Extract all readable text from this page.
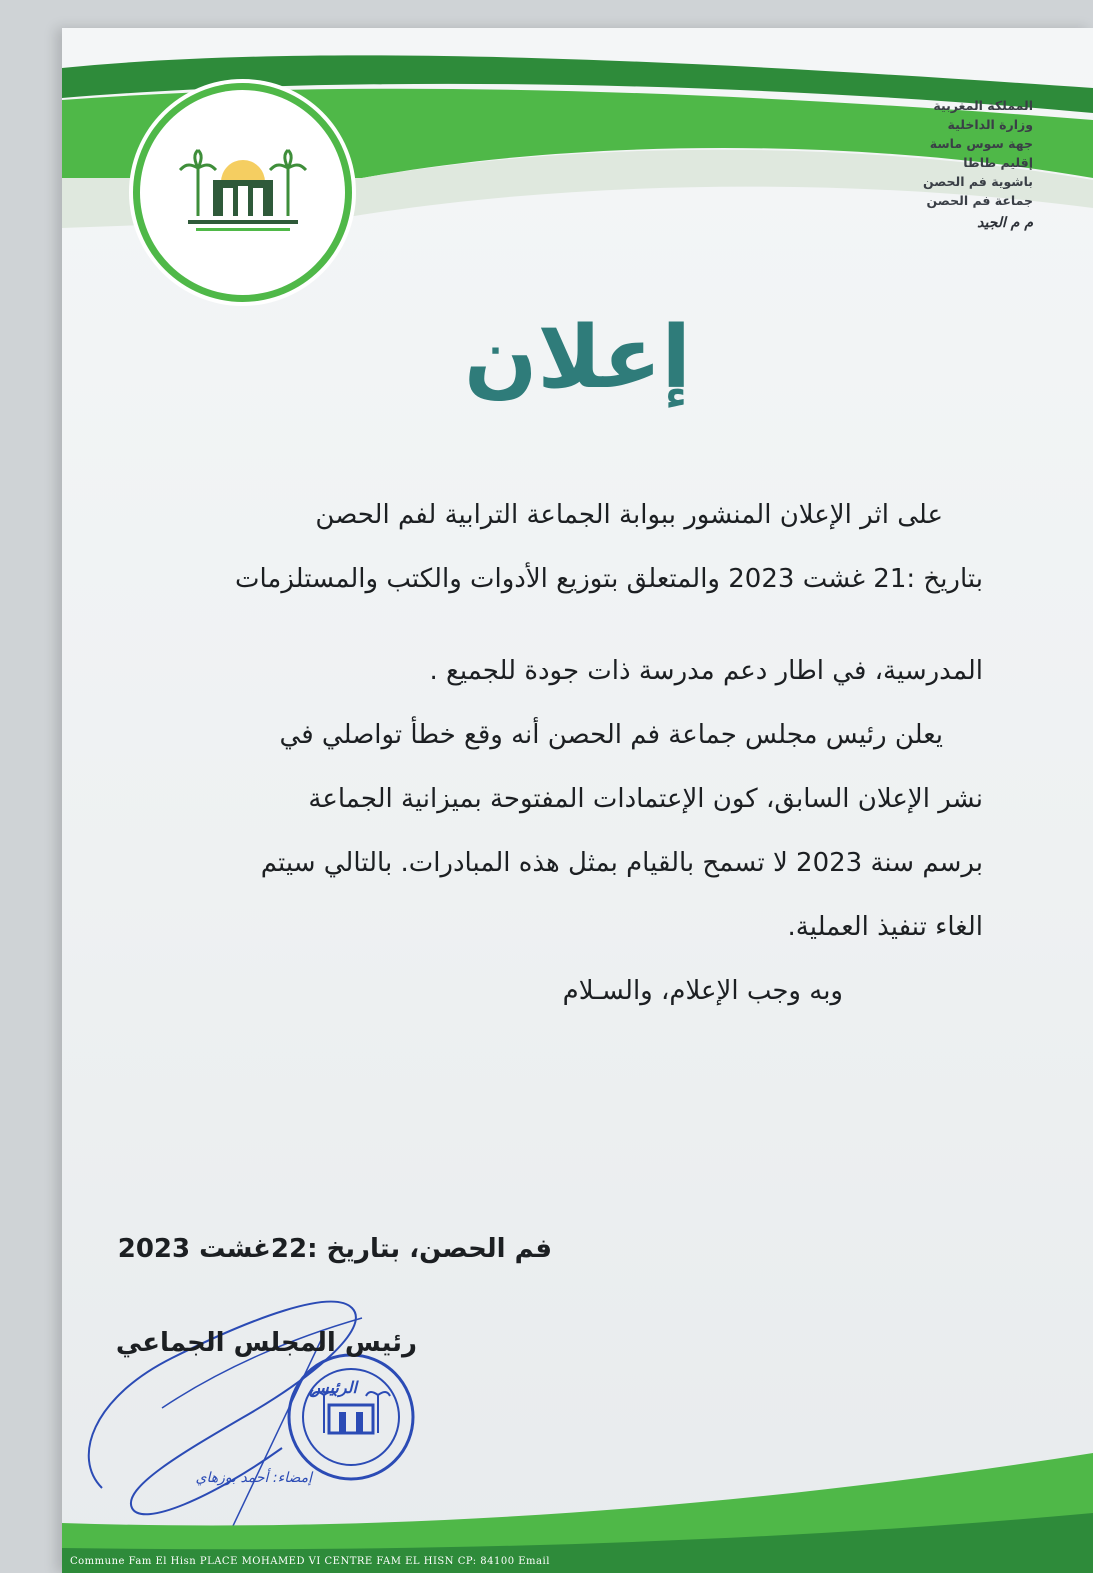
المملكة المغربية
وزارة الداخلية
جهة سوس ماسة
إقليم طاطا
باشوية فم الحصن
جماعة فم الحصن
م م الجيد
إعلان
على اثر الإعلان المنشور ببوابة الجماعة الترابية لفم الحصن
بتاريخ :21 غشت 2023 والمتعلق بتوزيع الأدوات والكتب والمستلزمات
المدرسية، في اطار دعم مدرسة ذات جودة للجميع .
يعلن رئيس مجلس جماعة فم الحصن أنه وقع خطأ تواصلي في
نشر الإعلان السابق، كون الإعتمادات المفتوحة بميزانية الجماعة
برسم سنة 2023 لا تسمح بالقيام بمثل هذه المبادرات. بالتالي سيتم
الغاء تنفيذ العملية.
وبه وجب الإعلام، والسـلام
فم الحصن، بتاريخ :22غشت 2023
رئيس المجلس الجماعي
الرئيس
إمضاء: أحمد بوزهاي
Commune Fam El Hisn PLACE MOHAMED VI CENTRE FAM EL HISN CP: 84100 Email
